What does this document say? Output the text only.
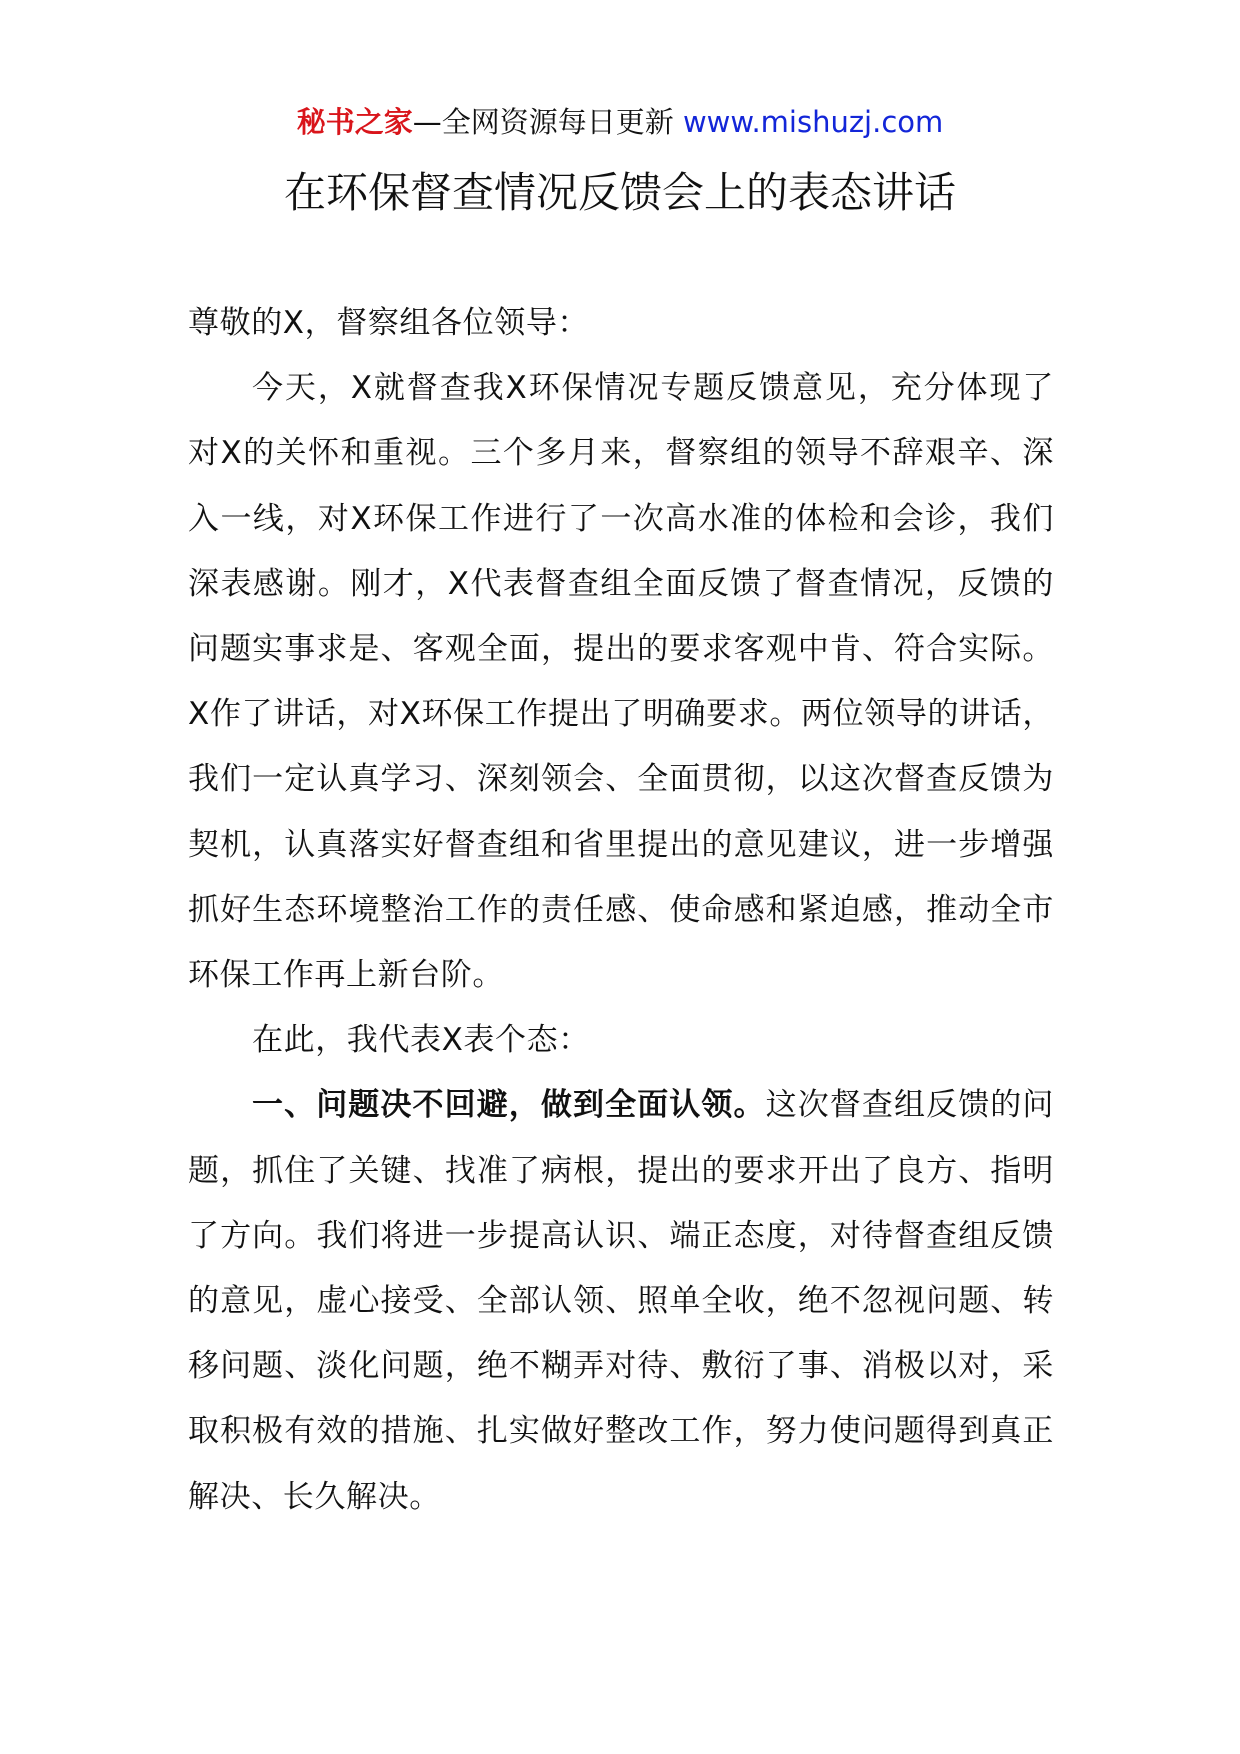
秘书之家—全网资源每日更新 www.mishuzj.com
在环保督查情况反馈会上的表态讲话

尊敬的X，督察组各位领导：

今天，X就督查我X环保情况专题反馈意见，充分体现了对X的关怀和重视。三个多月来，督察组的领导不辞艰辛、深入一线，对X环保工作进行了一次高水准的体检和会诊，我们深表感谢。刚才，X代表督查组全面反馈了督查情况，反馈的问题实事求是、客观全面，提出的要求客观中肯、符合实际。X作了讲话，对X环保工作提出了明确要求。两位领导的讲话，我们一定认真学习、深刻领会、全面贯彻，以这次督查反馈为契机，认真落实好督查组和省里提出的意见建议，进一步增强抓好生态环境整治工作的责任感、使命感和紧迫感，推动全市环保工作再上新台阶。

在此，我代表X表个态：

一、问题决不回避，做到全面认领。这次督查组反馈的问题，抓住了关键、找准了病根，提出的要求开出了良方、指明了方向。我们将进一步提高认识、端正态度，对待督查组反馈的意见，虚心接受、全部认领、照单全收，绝不忽视问题、转移问题、淡化问题，绝不糊弄对待、敷衍了事、消极以对，采取积极有效的措施、扎实做好整改工作，努力使问题得到真正解决、长久解决。
